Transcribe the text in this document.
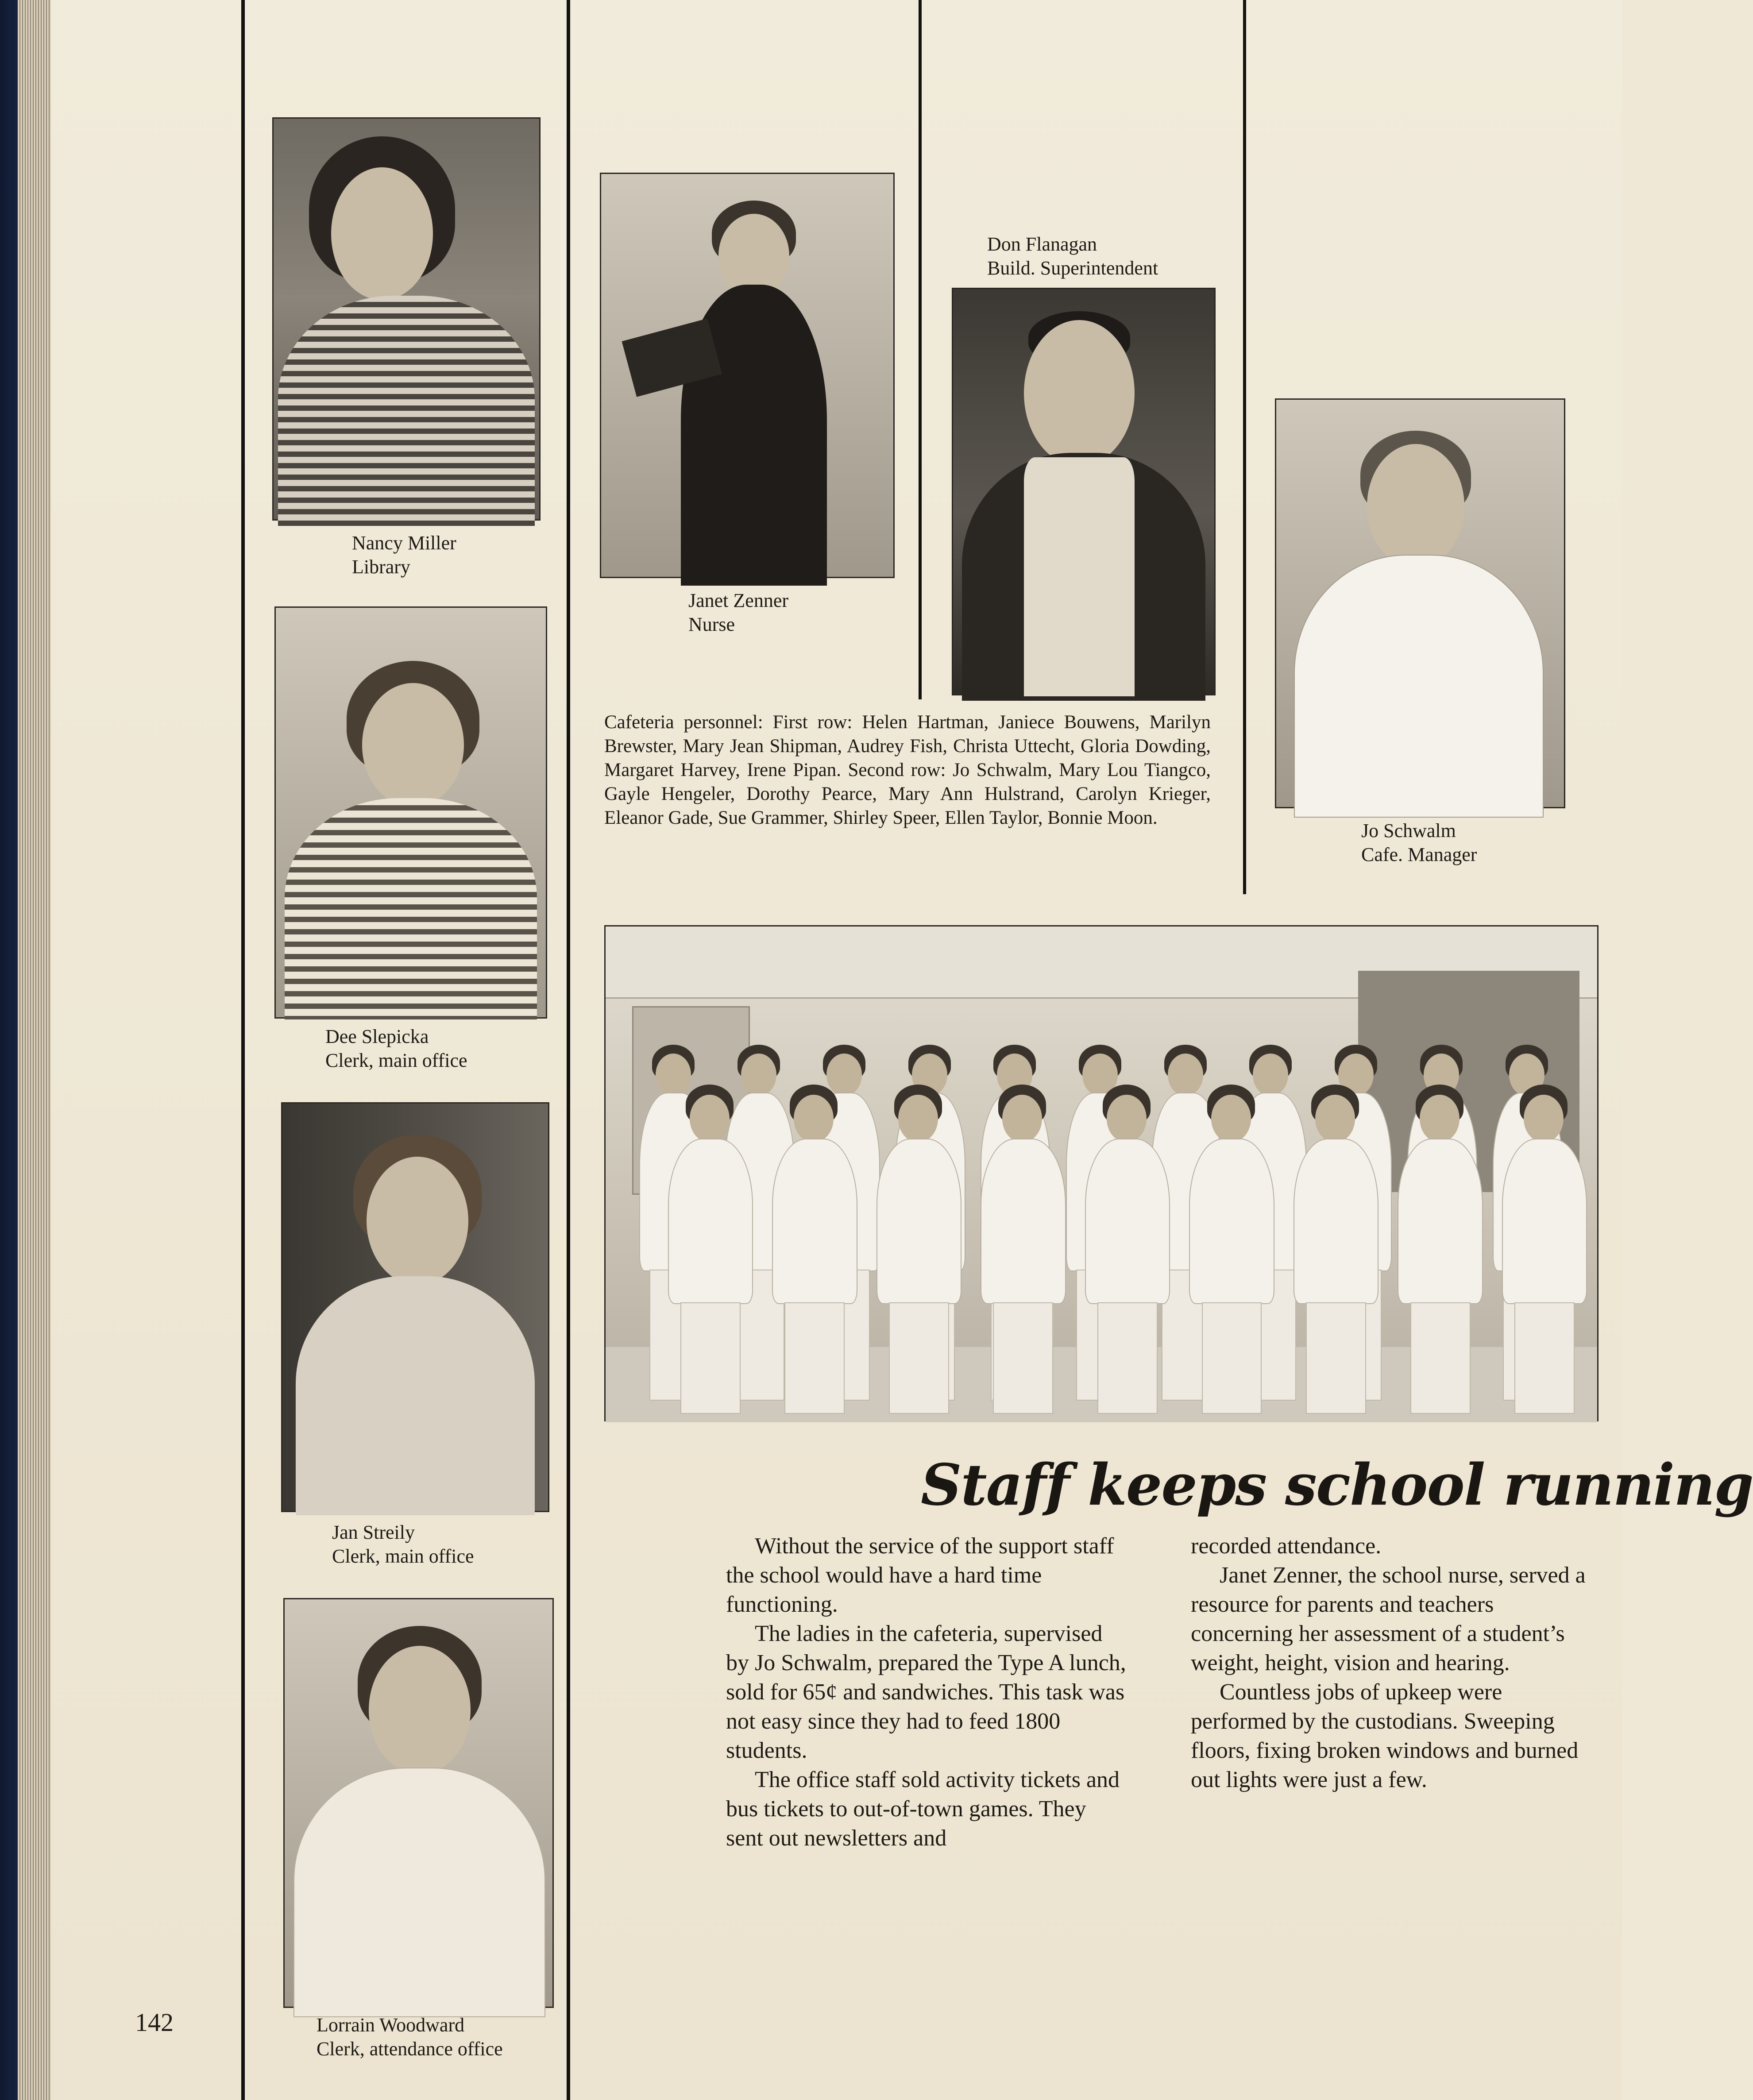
Nancy Miller
Library
Dee Slepicka
Clerk, main office
Jan Streily
Clerk, main office
Lorrain Woodward
Clerk, attendance office
Janet Zenner
Nurse
Don Flanagan
Build. Superintendent
Jo Schwalm
Cafe. Manager
Cafeteria personnel: First row: Helen Hartman, Janiece Bouwens, Marilyn Brewster, Mary Jean Shipman, Audrey Fish, Christa Uttecht, Gloria Dowding, Margaret Harvey, Irene Pipan. Second row: Jo Schwalm, Mary Lou Tiangco, Gayle Hengeler, Dorothy Pearce, Mary Ann Hulstrand, Carolyn Krieger, Eleanor Gade, Sue Grammer, Shirley Speer, Ellen Taylor, Bonnie Moon.
Staff keeps school running

Without the service of the support staff the school would have a hard time functioning.

The ladies in the cafeteria, supervised by Jo Schwalm, prepared the Type A lunch, sold for 65¢ and sandwiches. This task was not easy since they had to feed 1800 students.

The office staff sold activity tickets and bus tickets to out-of-town games. They sent out newsletters and

recorded attendance.

Janet Zenner, the school nurse, served a resource for parents and teachers concerning her assessment of a student’s weight, height, vision and hearing.

Countless jobs of upkeep were performed by the custodians. Sweeping floors, fixing broken windows and burned out lights were just a few.

142
